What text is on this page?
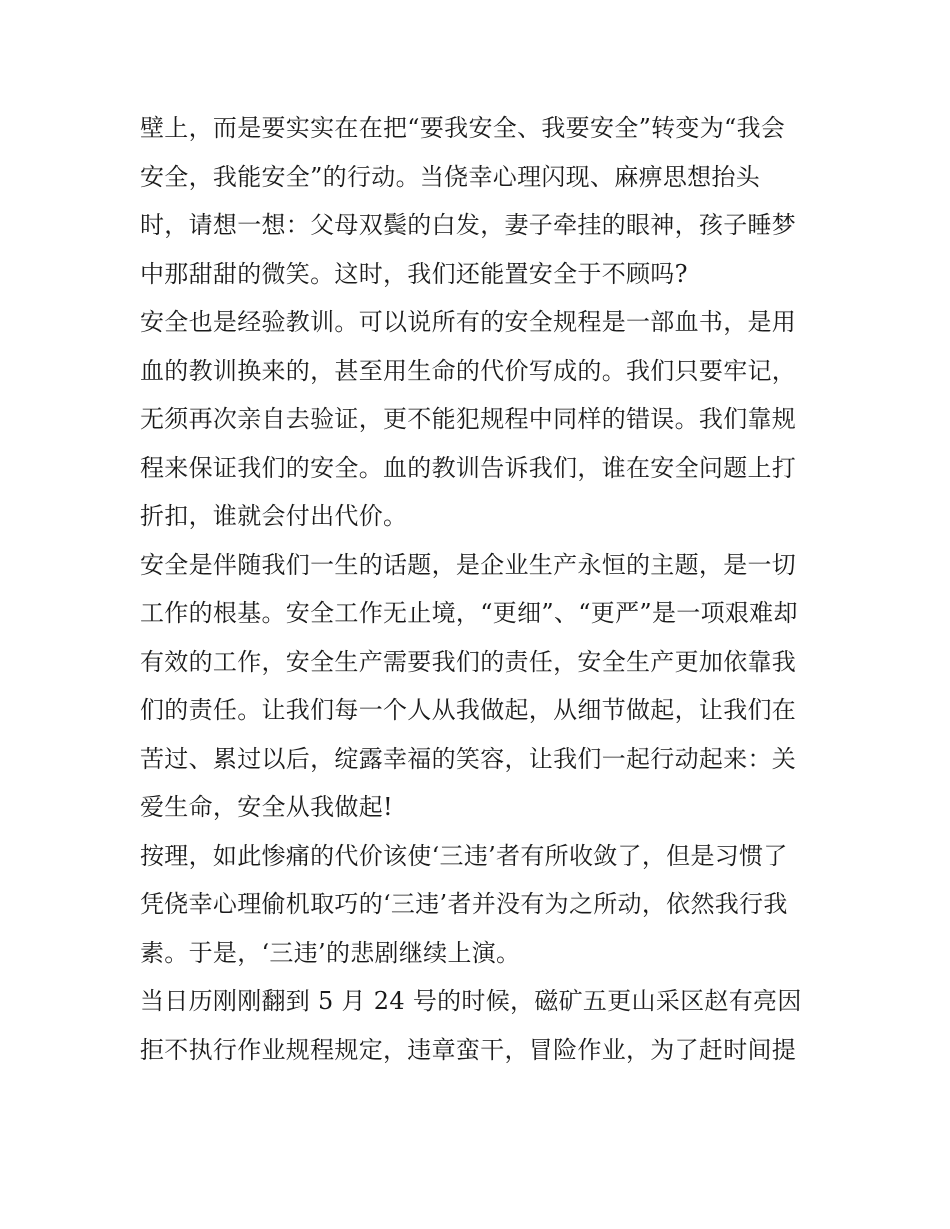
壁上，而是要实实在在把“要我安全、我要安全”转变为“我会
安全，我能安全”的行动。当侥幸心理闪现、麻痹思想抬头
时，请想一想：父母双鬓的白发，妻子牵挂的眼神，孩子睡梦
中那甜甜的微笑。这时，我们还能置安全于不顾吗?
安全也是经验教训。可以说所有的安全规程是一部血书，是用
血的教训换来的，甚至用生命的代价写成的。我们只要牢记，
无须再次亲自去验证，更不能犯规程中同样的错误。我们靠规
程来保证我们的安全。血的教训告诉我们，谁在安全问题上打
折扣，谁就会付出代价。
安全是伴随我们一生的话题，是企业生产永恒的主题，是一切
工作的根基。安全工作无止境，“更细”、“更严”是一项艰难却
有效的工作，安全生产需要我们的责任，安全生产更加依靠我
们的责任。让我们每一个人从我做起，从细节做起，让我们在
苦过、累过以后，绽露幸福的笑容，让我们一起行动起来：关
爱生命，安全从我做起!
按理，如此惨痛的代价该使‘三违’者有所收敛了，但是习惯了
凭侥幸心理偷机取巧的‘三违’者并没有为之所动，依然我行我
素。于是，‘三违’的悲剧继续上演。
当日历刚刚翻到 5 月 24 号的时候，磁矿五更山采区赵有亮因
拒不执行作业规程规定，违章蛮干，冒险作业，为了赶时间提
